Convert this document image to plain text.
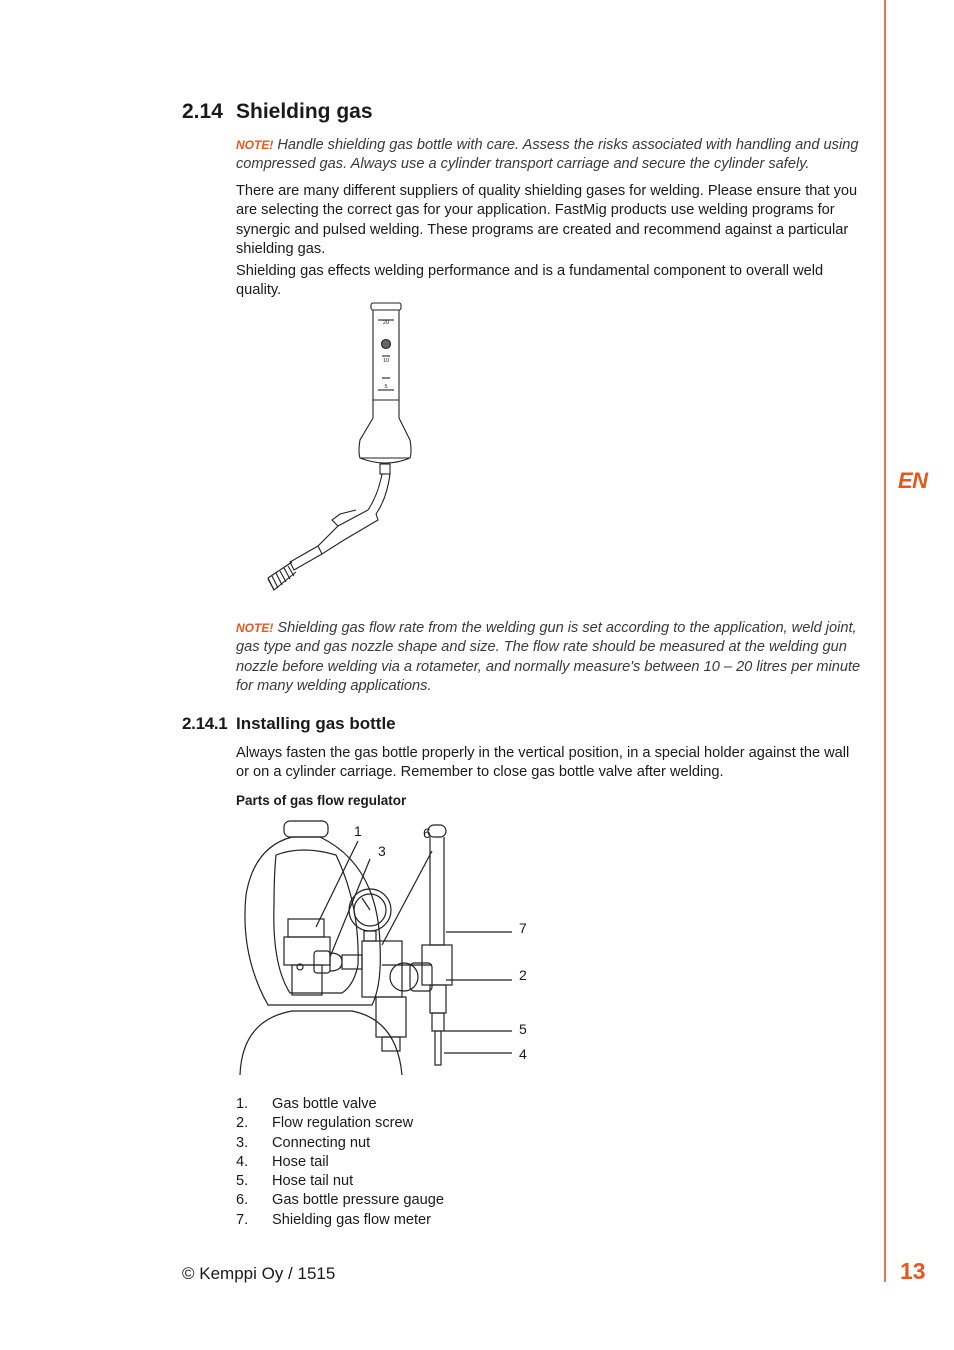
EN
13
2.14 Shielding gas
NOTE! Handle shielding gas bottle with care. Assess the risks associated with handling and using compressed gas. Always use a cylinder transport carriage and secure the cylinder safely.

There are many different suppliers of quality shielding gases for welding. Please ensure that you are selecting the correct gas for your application. FastMig products use welding programs for synergic and pulsed welding. These programs are created and recommend against a particular shielding gas.

Shielding gas effects welding performance and is a fundamental component to overall weld quality.

20
10
5
NOTE! Shielding gas flow rate from the welding gun is set according to the application, weld joint, gas type and gas nozzle shape and size. The flow rate should be measured at the welding gun nozzle before welding via a rotameter, and normally measure's between 10 – 20 litres per minute for many welding applications.
2.14.1 Installing gas bottle

Always fasten the gas bottle properly in the vertical position, in a special holder against the wall or on a cylinder carriage. Remember to close gas bottle valve after welding.

Parts of gas flow regulator
1
3
6
7
2
5
4
1.	Gas bottle valve
2.	Flow regulation screw
3.	Connecting nut
4.	Hose tail
5.	Hose tail nut
6.	Gas bottle pressure gauge
7.	Shielding gas flow meter
© Kemppi Oy / 1515
